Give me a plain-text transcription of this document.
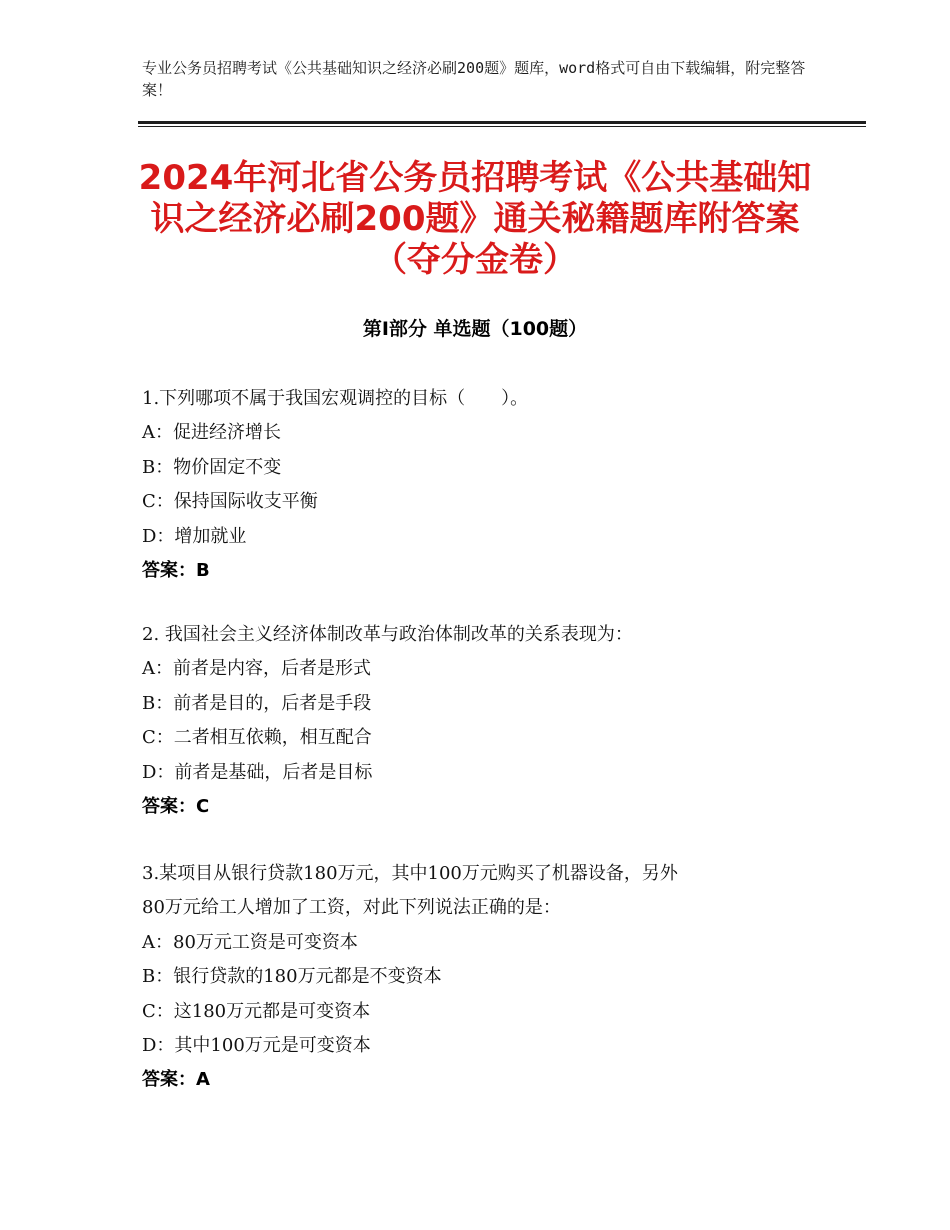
专业公务员招聘考试《公共基础知识之经济必刷200题》题库，word格式可自由下载编辑，附完整答案！
2024年河北省公务员招聘考试《公共基础知
识之经济必刷200题》通关秘籍题库附答案
（夺分金卷）
第Ⅰ部分 单选题（100题）
1.下列哪项不属于我国宏观调控的目标（　　）。
A：促进经济增长
B：物价固定不变
C：保持国际收支平衡
D：增加就业
答案：B
2. 我国社会主义经济体制改革与政治体制改革的关系表现为：
A：前者是内容，后者是形式
B：前者是目的，后者是手段
C：二者相互依赖，相互配合
D：前者是基础，后者是目标
答案：C
3.某项目从银行贷款180万元，其中100万元购买了机器设备，另外
80万元给工人增加了工资，对此下列说法正确的是：
A：80万元工资是可变资本
B：银行贷款的180万元都是不变资本
C：这180万元都是可变资本
D：其中100万元是可变资本
答案：A
